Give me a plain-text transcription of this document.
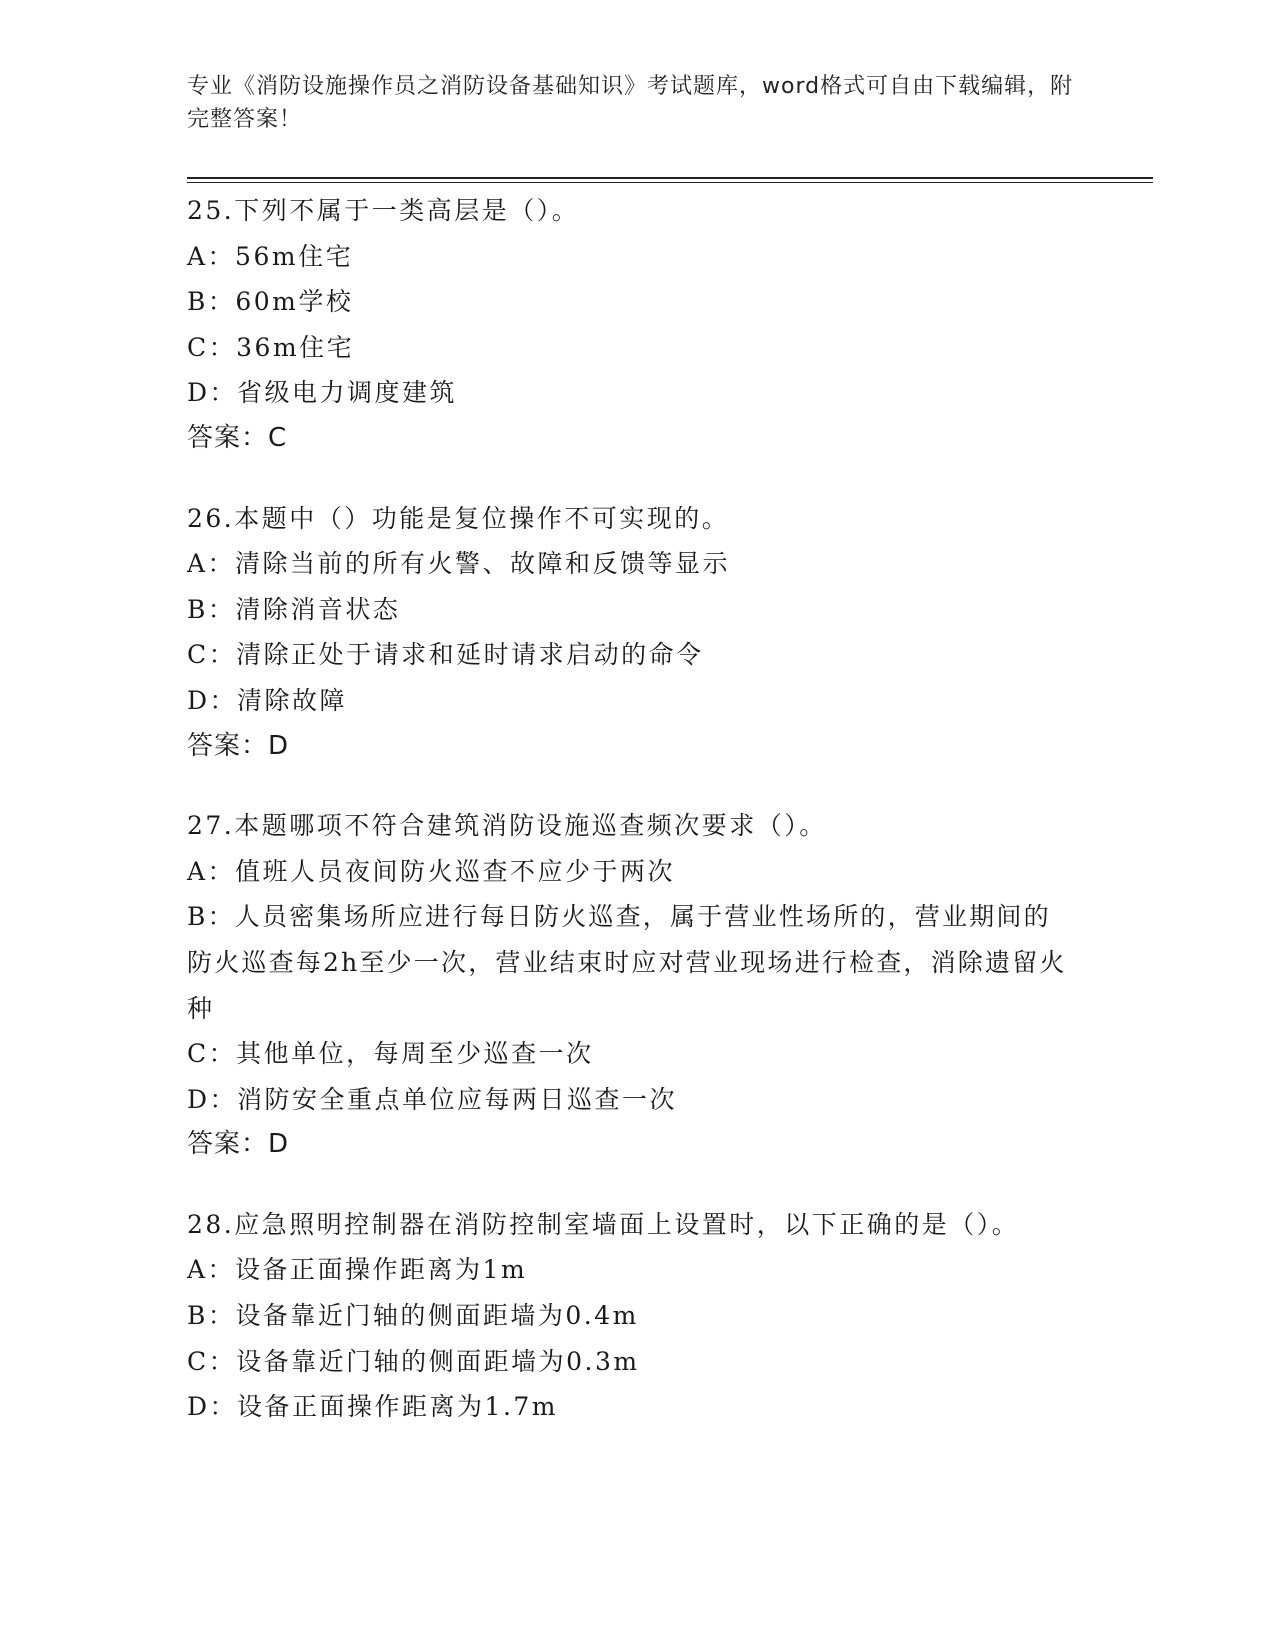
专业《消防设施操作员之消防设备基础知识》考试题库，word格式可自由下载编辑，附完整答案！
25.下列不属于一类高层是（）。
A：56m住宅
B：60m学校
C：36m住宅
D：省级电力调度建筑
答案：C
26.本题中（）功能是复位操作不可实现的。
A：清除当前的所有火警、故障和反馈等显示
B：清除消音状态
C：清除正处于请求和延时请求启动的命令
D：清除故障
答案：D
27.本题哪项不符合建筑消防设施巡查频次要求（）。
A：值班人员夜间防火巡查不应少于两次
B：人员密集场所应进行每日防火巡查，属于营业性场所的，营业期间的防火巡查每2h至少一次，营业结束时应对营业现场进行检查，消除遗留火种
C：其他单位，每周至少巡查一次
D：消防安全重点单位应每两日巡查一次
答案：D
28.应急照明控制器在消防控制室墙面上设置时，以下正确的是（）。
A：设备正面操作距离为1m
B：设备靠近门轴的侧面距墙为0.4m
C：设备靠近门轴的侧面距墙为0.3m
D：设备正面操作距离为1.7m
